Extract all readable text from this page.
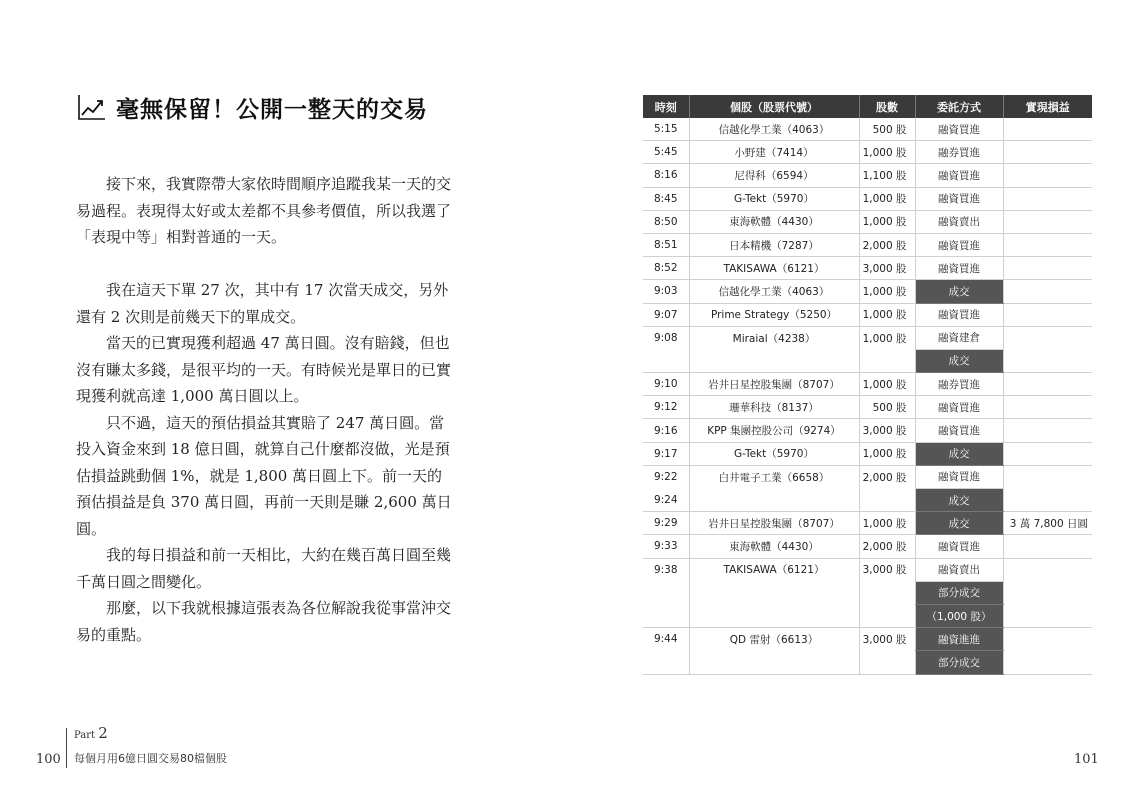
毫無保留！公開一整天的交易

接下來，我實際帶大家依時間順序追蹤我某一天的交易過程。表現得太好或太差都不具參考價值，所以我選了「表現中等」相對普通的一天。

我在這天下單 27 次，其中有 17 次當天成交，另外還有 2 次則是前幾天下的單成交。

當天的已實現獲利超過 47 萬日圓。沒有賠錢，但也沒有賺太多錢，是很平均的一天。有時候光是單日的已實現獲利就高達 1,000 萬日圓以上。

只不過，這天的預估損益其實賠了 247 萬日圓。當投入資金來到 18 億日圓，就算自己什麼都沒做，光是預估損益跳動個 1%，就是 1,800 萬日圓上下。前一天的預估損益是負 370 萬日圓，再前一天則是賺 2,600 萬日圓。

我的每日損益和前一天相比，大約在幾百萬日圓至幾千萬日圓之間變化。

那麼，以下我就根據這張表為各位解說我從事當沖交易的重點。

100
Part 2
每個月用6億日圓交易80檔個股
時刻	個股（股票代號）	股數	委託方式	實現損益
5:15	信越化學工業（4063）	500 股	融資買進	
5:45	小野建（7414）	1,000 股	融券買進	
8:16	尼得科（6594）	1,100 股	融資買進	
8:45	G-Tekt（5970）	1,000 股	融資買進	
8:50	東海軟體（4430）	1,000 股	融資賣出	
8:51	日本精機（7287）	2,000 股	融資買進	
8:52	TAKISAWA（6121）	3,000 股	融資買進	
9:03	信越化學工業（4063）	1,000 股	成交	
9:07	Prime Strategy（5250）	1,000 股	融資買進	
9:08	Miraial（4238）	1,000 股	融資建倉	
			成交	
9:10	岩井日星控股集團（8707）	1,000 股	融券買進	
9:12	珊華科技（8137）	500 股	融資買進	
9:16	KPP 集團控股公司（9274）	3,000 股	融資買進	
9:17	G-Tekt（5970）	1,000 股	成交	
9:22	白井電子工業（6658）	2,000 股	融資買進	
9:24			成交	
9:29	岩井日星控股集團（8707）	1,000 股	成交	3 萬 7,800 日圓
9:33	東海軟體（4430）	2,000 股	融資買進	
9:38	TAKISAWA（6121）	3,000 股	融資賣出	
			部分成交	
			（1,000 股）	
9:44	QD 雷射（6613）	3,000 股	融資進進	
			部分成交	
101
